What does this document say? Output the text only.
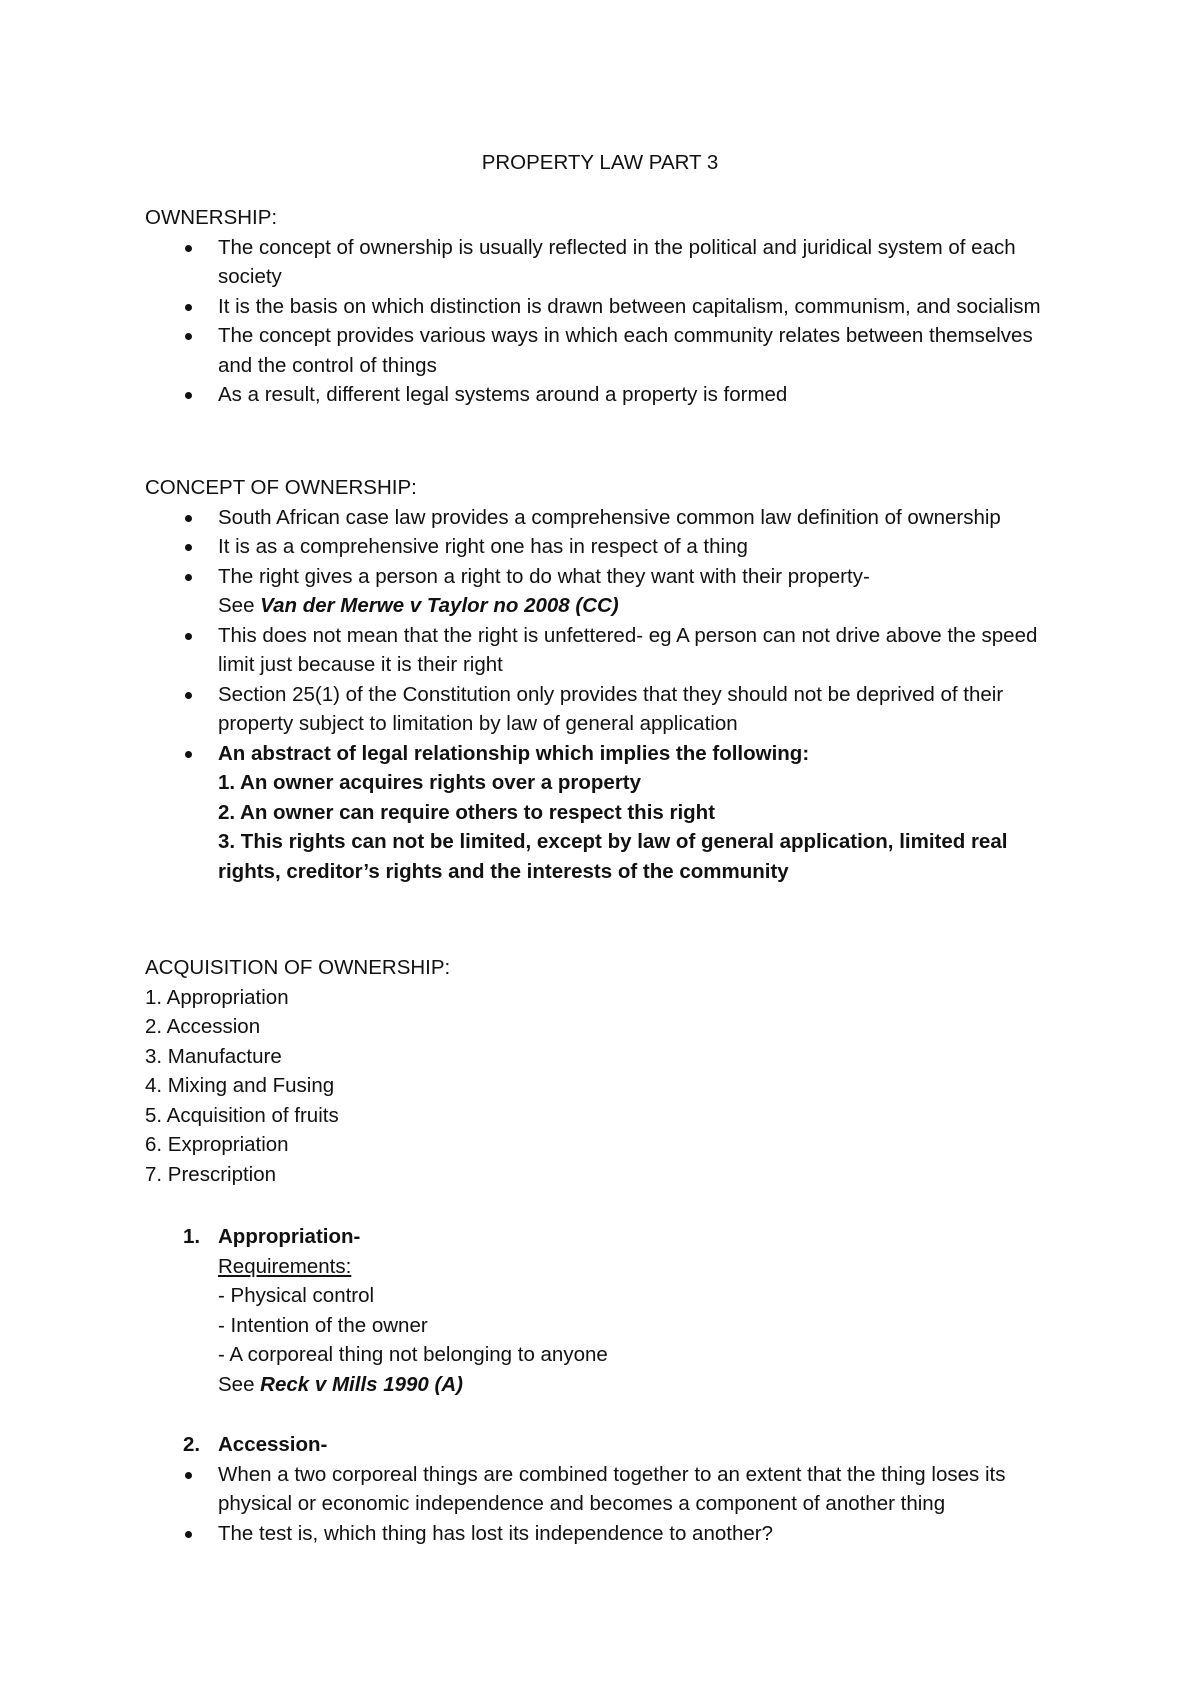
PROPERTY LAW PART 3
OWNERSHIP:
The concept of ownership is usually reflected in the political and juridical system of each society
It is the basis on which distinction is drawn between capitalism, communism, and socialism
The concept provides various ways in which each community relates between themselves and the control of things
As a result, different legal systems around a property is formed
CONCEPT OF OWNERSHIP:
South African case law provides a comprehensive common law definition of ownership
It is as a comprehensive right one has in respect of a thing
The right gives a person a right to do what they want with their property-
See Van der Merwe v Taylor no 2008 (CC)
This does not mean that the right is unfettered- eg A person can not drive above the speed limit just because it is their right
Section 25(1) of the Constitution only provides that they should not be deprived of their property subject to limitation by law of general application
An abstract of legal relationship which implies the following:
1. An owner acquires rights over a property
2. An owner can require others to respect this right
3. This rights can not be limited, except by law of general application, limited real rights, creditor’s rights and the interests of the community
ACQUISITION OF OWNERSHIP:
1. Appropriation
2. Accession
3. Manufacture
4. Mixing and Fusing
5. Acquisition of fruits
6. Expropriation
7. Prescription
1. Appropriation-
Requirements:
- Physical control
- Intention of the owner
- A corporeal thing not belonging to anyone
See Reck v Mills 1990 (A)
2. Accession-
When a two corporeal things are combined together to an extent that the thing loses its physical or economic independence and becomes a component of another thing
The test is, which thing has lost its independence to another?
